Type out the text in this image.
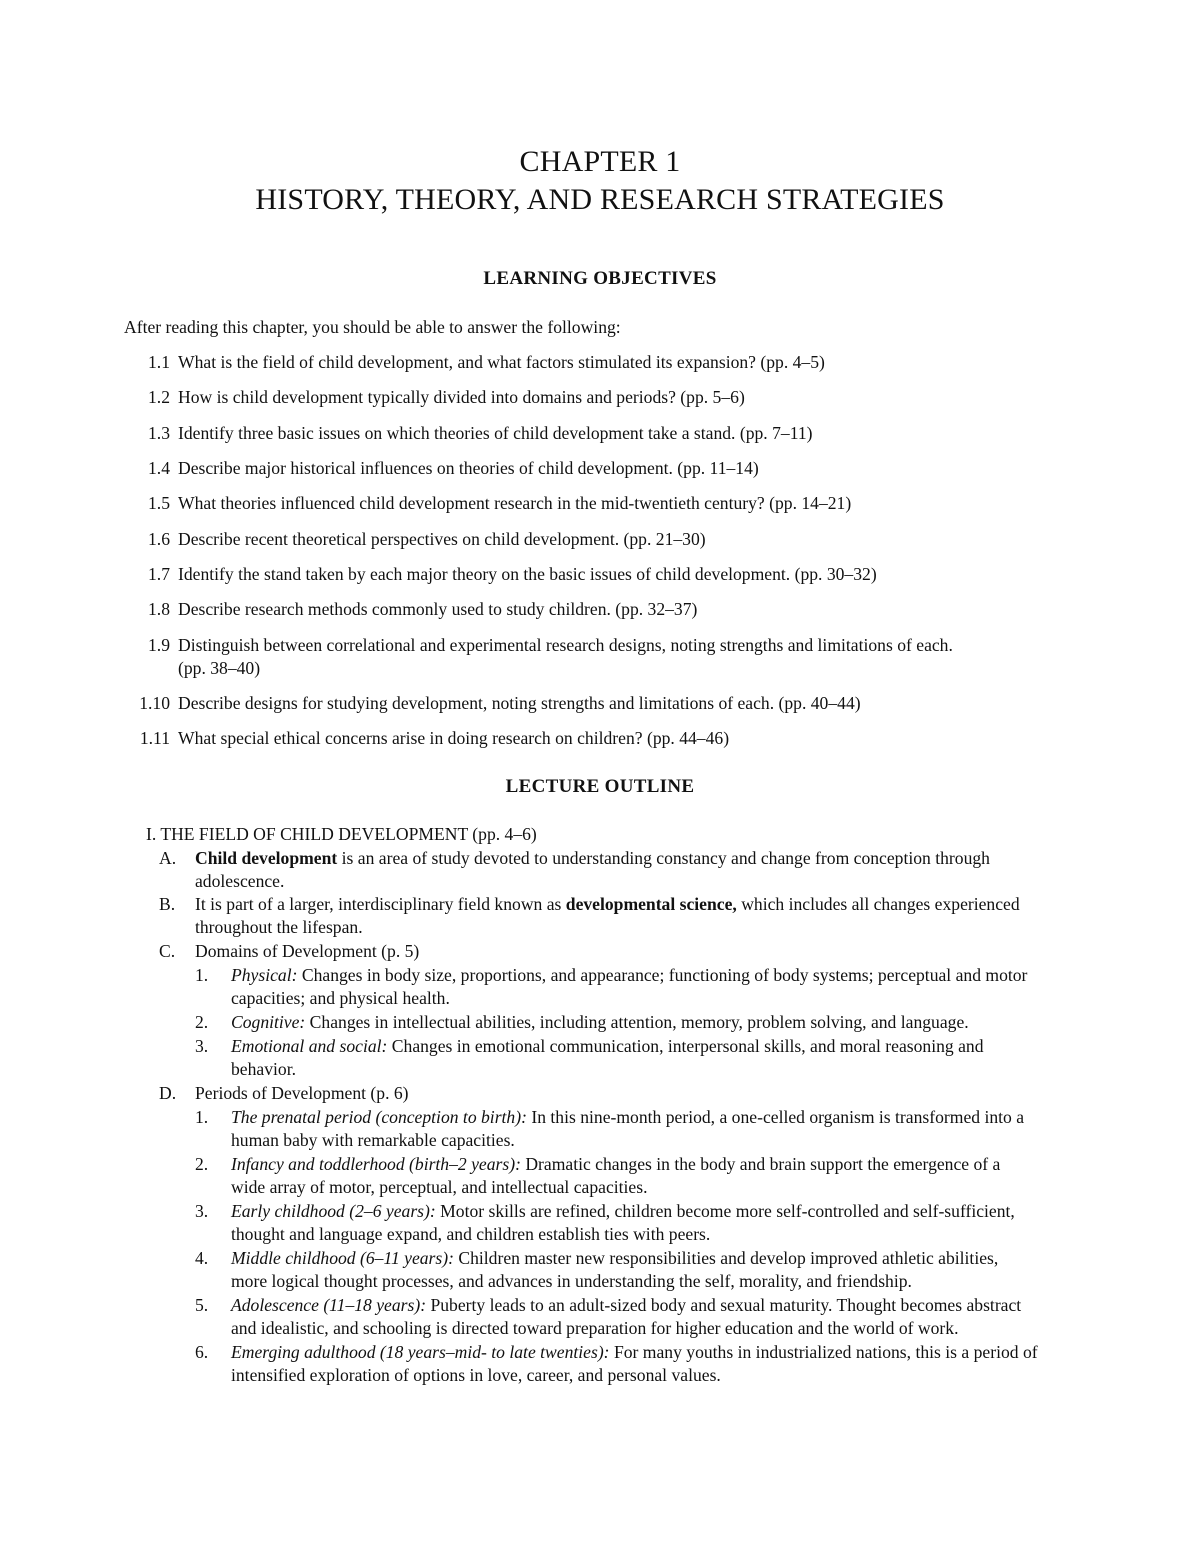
CHAPTER 1
HISTORY, THEORY, AND RESEARCH STRATEGIES
LEARNING OBJECTIVES
After reading this chapter, you should be able to answer the following:
1.1 What is the field of child development, and what factors stimulated its expansion? (pp. 4–5)
1.2 How is child development typically divided into domains and periods? (pp. 5–6)
1.3 Identify three basic issues on which theories of child development take a stand. (pp. 7–11)
1.4 Describe major historical influences on theories of child development. (pp. 11–14)
1.5 What theories influenced child development research in the mid-twentieth century? (pp. 14–21)
1.6 Describe recent theoretical perspectives on child development. (pp. 21–30)
1.7 Identify the stand taken by each major theory on the basic issues of child development. (pp. 30–32)
1.8 Describe research methods commonly used to study children. (pp. 32–37)
1.9 Distinguish between correlational and experimental research designs, noting strengths and limitations of each.
(pp. 38–40)
1.10 Describe designs for studying development, noting strengths and limitations of each. (pp. 40–44)
1.11 What special ethical concerns arise in doing research on children? (pp. 44–46)
LECTURE OUTLINE
I. THE FIELD OF CHILD DEVELOPMENT (pp. 4–6)
A. Child development is an area of study devoted to understanding constancy and change from conception through
adolescence.
B. It is part of a larger, interdisciplinary field known as developmental science, which includes all changes experienced
throughout the lifespan.
C. Domains of Development (p. 5)
1. Physical: Changes in body size, proportions, and appearance; functioning of body systems; perceptual and motor
capacities; and physical health.
2. Cognitive: Changes in intellectual abilities, including attention, memory, problem solving, and language.
3. Emotional and social: Changes in emotional communication, interpersonal skills, and moral reasoning and
behavior.
D. Periods of Development (p. 6)
1. The prenatal period (conception to birth): In this nine-month period, a one-celled organism is transformed into a
human baby with remarkable capacities.
2. Infancy and toddlerhood (birth–2 years): Dramatic changes in the body and brain support the emergence of a
wide array of motor, perceptual, and intellectual capacities.
3. Early childhood (2–6 years): Motor skills are refined, children become more self-controlled and self-sufficient,
thought and language expand, and children establish ties with peers.
4. Middle childhood (6–11 years): Children master new responsibilities and develop improved athletic abilities,
more logical thought processes, and advances in understanding the self, morality, and friendship.
5. Adolescence (11–18 years): Puberty leads to an adult-sized body and sexual maturity. Thought becomes abstract
and idealistic, and schooling is directed toward preparation for higher education and the world of work.
6. Emerging adulthood (18 years–mid- to late twenties): For many youths in industrialized nations, this is a period of
intensified exploration of options in love, career, and personal values.
